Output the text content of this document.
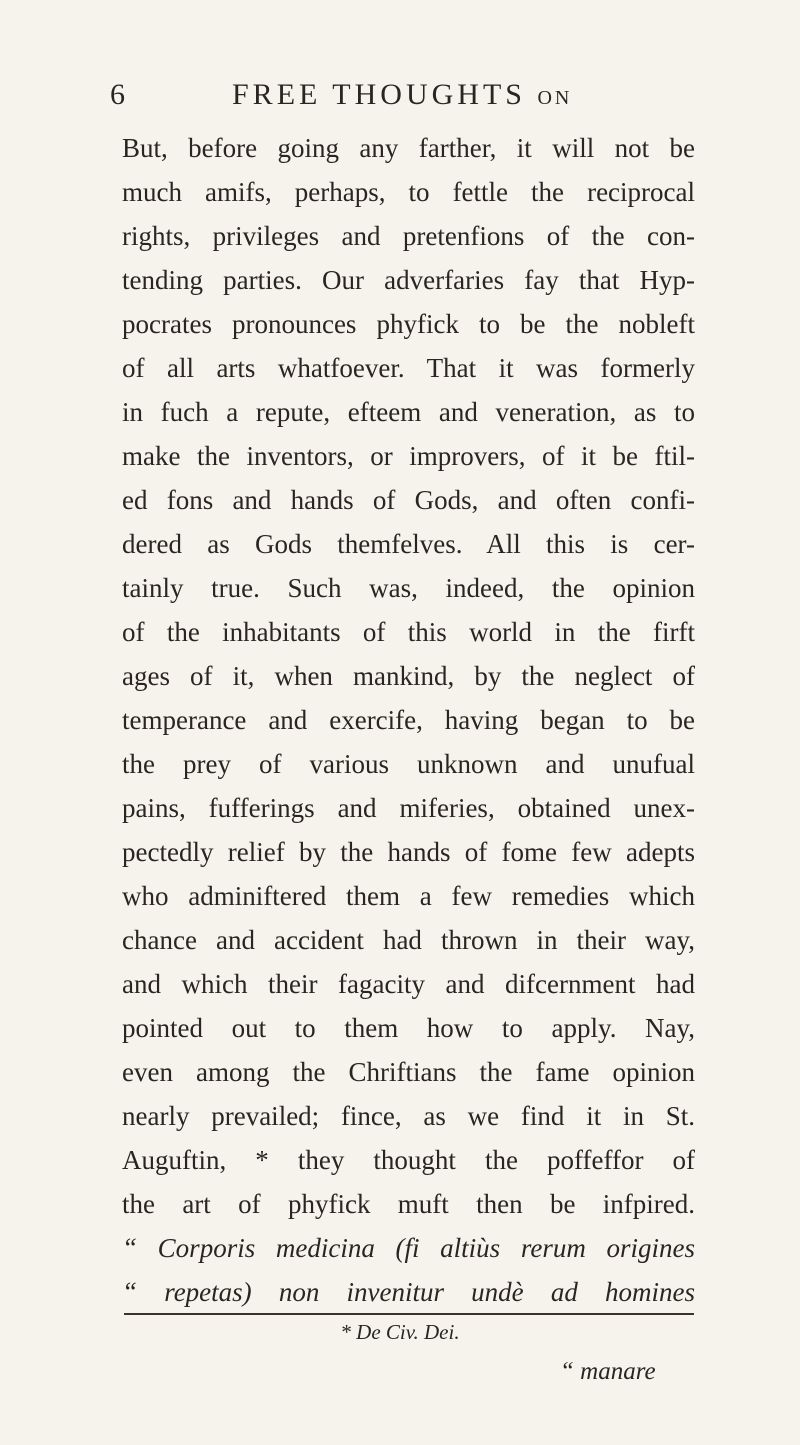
6	FREE THOUGHTS ON
But, before going any farther, it will not be
much amifs, perhaps, to fettle the reciprocal
rights, privileges and pretenfions of the con-
tending parties. Our adverfaries fay that Hyp-
pocrates pronounces phyfick to be the nobleft
of all arts whatfoever. That it was formerly
in fuch a repute, efteem and veneration, as to
make the inventors, or improvers, of it be ftil-
ed fons and hands of Gods, and often confi-
dered as Gods themfelves. All this is cer-
tainly true. Such was, indeed, the opinion
of the inhabitants of this world in the firft
ages of it, when mankind, by the neglect of
temperance and exercife, having began to be
the prey of various unknown and unufual
pains, fufferings and miferies, obtained unex-
pectedly relief by the hands of fome few adepts
who adminiftered them a few remedies which
chance and accident had thrown in their way,
and which their fagacity and difcernment had
pointed out to them how to apply. Nay,
even among the Chriftians the fame opinion
nearly prevailed; fince, as we find it in St.
Auguftin, * they thought the poffeffor of
the art of phyfick muft then be infpired.
“ Corporis medicina (fi altiùs rerum origines
“ repetas) non invenitur undè ad homines
* De Civ. Dei.
“ manare
